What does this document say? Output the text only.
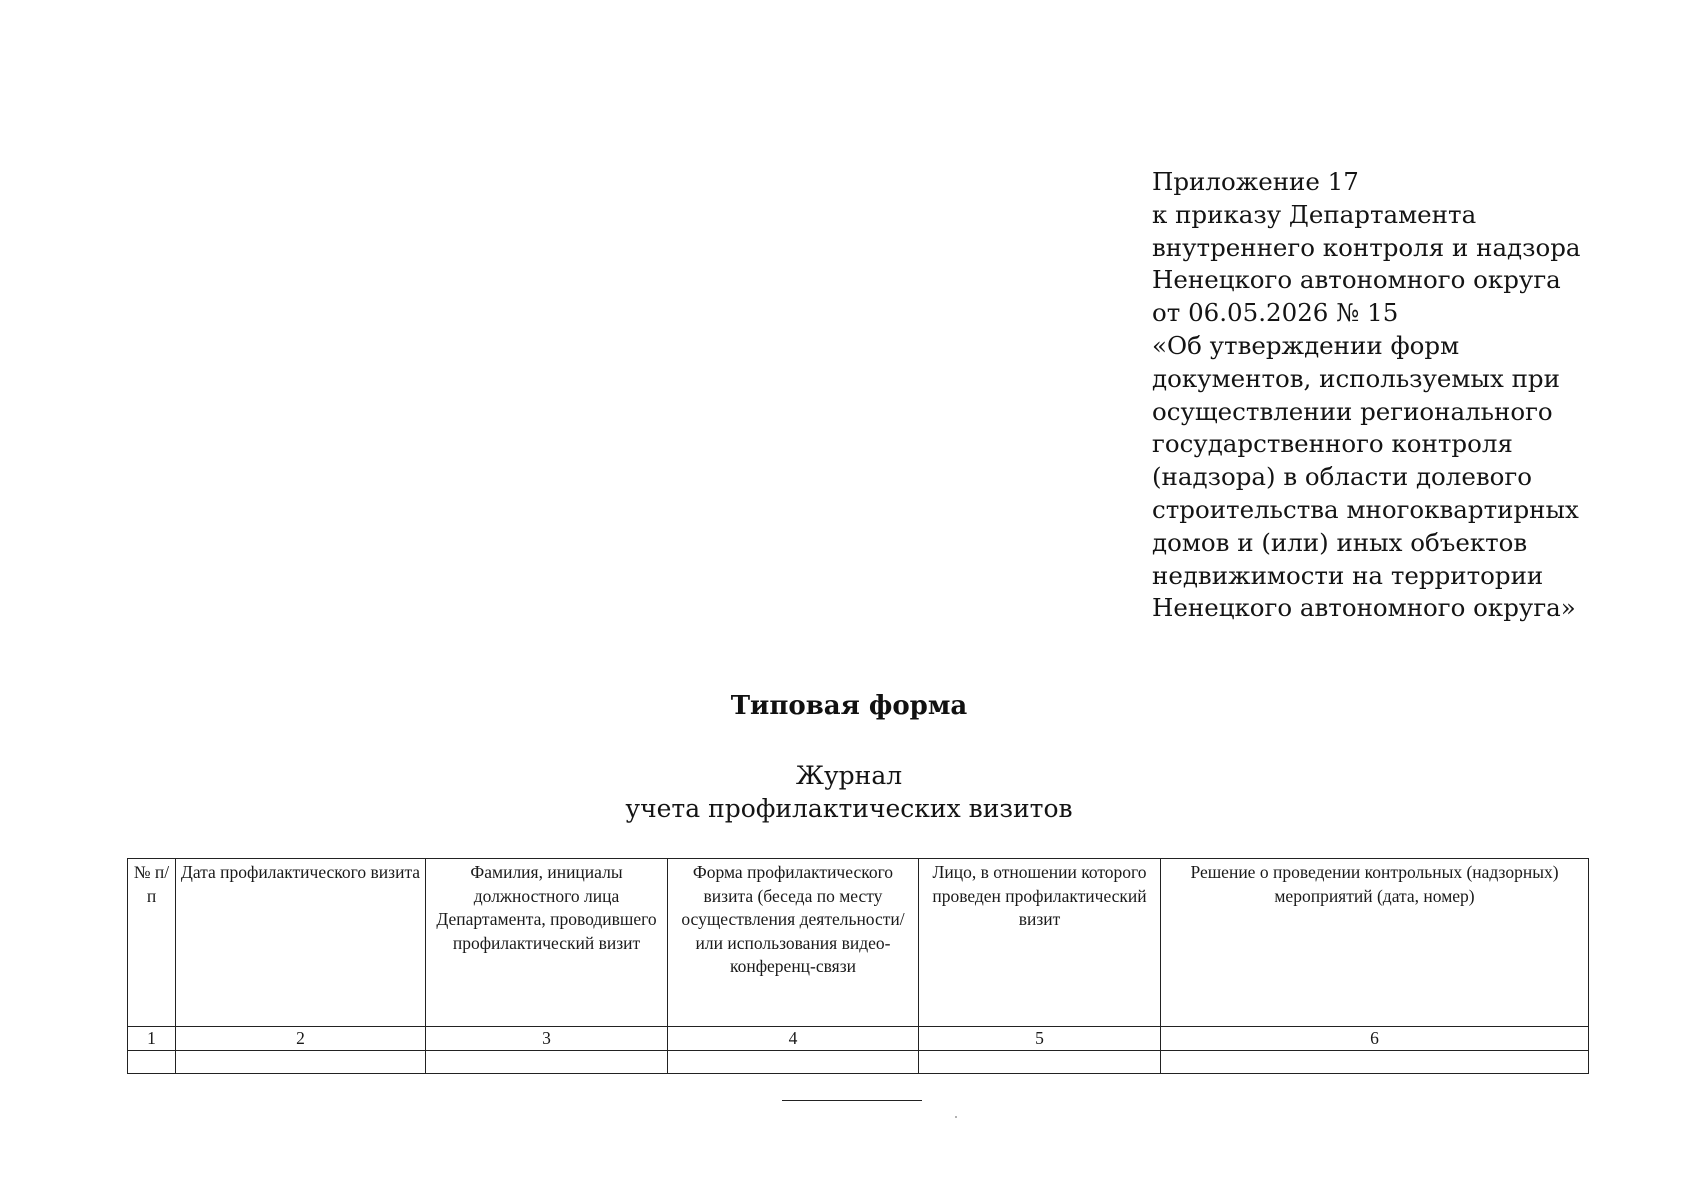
Приложение 17
к приказу Департамента
внутреннего контроля и надзора
Ненецкого автономного округа
от 06.05.2026 № 15
«Об утверждении форм
документов, используемых при
осуществлении регионального
государственного контроля
(надзора) в области долевого
строительства многоквартирных
домов и (или) иных объектов
недвижимости на территории
Ненецкого автономного округа»
Типовая форма
Журнал
учета профилактических визитов
№ п/ п	Дата профилактического визита	Фамилия, инициалы должностного лица Департамента, проводившего профилактический визит	Форма профилактического визита (беседа по месту осуществления деятельности/ или использования видео-конференц-связи	Лицо, в отношении которого проведен профилактический визит	Решение о проведении контрольных (надзорных) мероприятий (дата, номер)
1	2	3	4	5	6
